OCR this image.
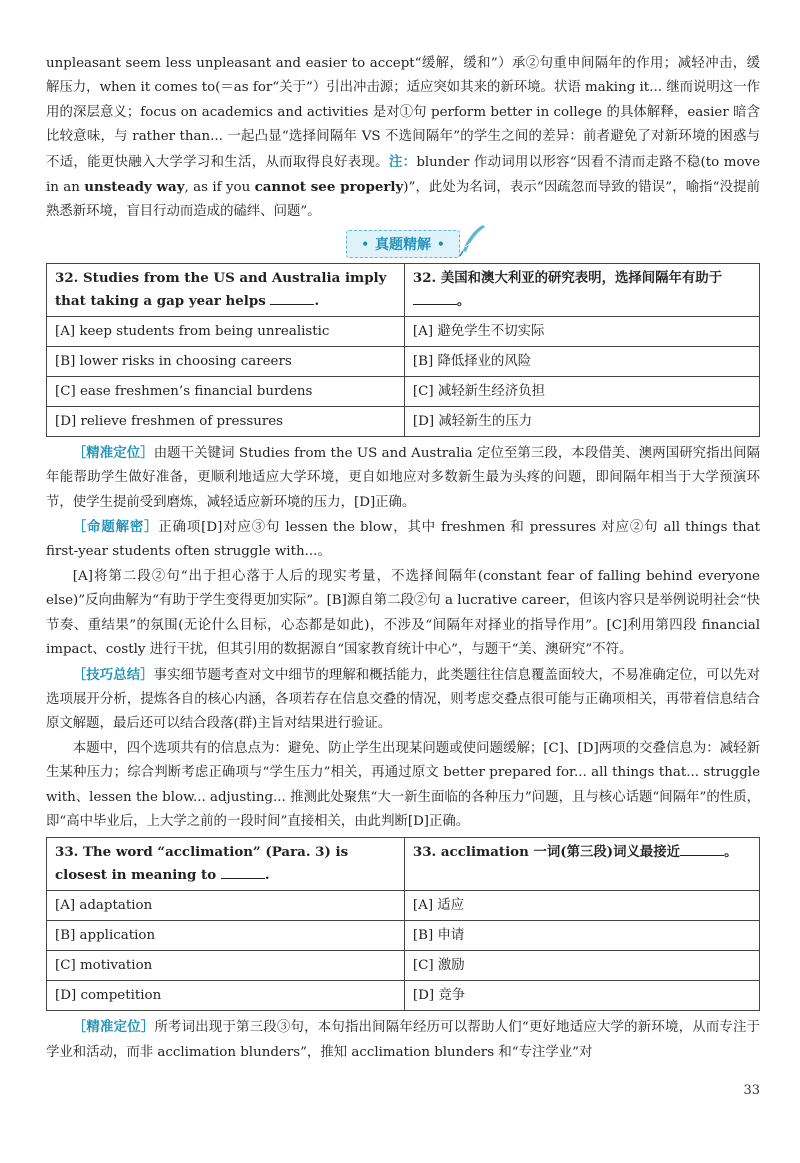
unpleasant seem less unpleasant and easier to accept“缓解，缓和”）承②句重申间隔年的作用；减轻冲击，缓解压力，when it comes to(＝as for“关于”）引出冲击源；适应突如其来的新环境。状语 making it... 继而说明这一作用的深层意义；focus on academics and activities 是对①句 perform better in college 的具体解释，easier 暗含比较意味，与 rather than... 一起凸显“选择间隔年 VS 不选间隔年”的学生之间的差异：前者避免了对新环境的困惑与不适，能更快融入大学学习和生活，从而取得良好表现。注：blunder 作动词用以形容“因看不清而走路不稳(to move in an unsteady way, as if you cannot see properly)”，此处为名词，表示“因疏忽而导致的错误”，喻指“没提前熟悉新环境，盲目行动而造成的磕绊、问题”。

• 真题精解 •
32. Studies from the US and Australia imply that taking a gap year helps .	32. 美国和澳大利亚的研究表明，选择间隔年有助于。
[A] keep students from being unrealistic	[A] 避免学生不切实际
[B] lower risks in choosing careers	[B] 降低择业的风险
[C] ease freshmen’s financial burdens	[C] 减轻新生经济负担
[D] relieve freshmen of pressures	[D] 减轻新生的压力

［精准定位］由题干关键词 Studies from the US and Australia 定位至第三段，本段借美、澳两国研究指出间隔年能帮助学生做好准备，更顺利地适应大学环境，更自如地应对多数新生最为头疼的问题，即间隔年相当于大学预演环节，使学生提前受到磨炼，减轻适应新环境的压力，[D]正确。

［命题解密］正确项[D]对应③句 lessen the blow，其中 freshmen 和 pressures 对应②句 all things that first-year students often struggle with...。

[A]将第二段②句“出于担心落于人后的现实考量，不选择间隔年(constant fear of falling behind everyone else)”反向曲解为“有助于学生变得更加实际”。[B]源自第二段②句 a lucrative career，但该内容只是举例说明社会“快节奏、重结果”的氛围(无论什么目标，心态都是如此)，不涉及“间隔年对择业的指导作用”。[C]利用第四段 financial impact、costly 进行干扰，但其引用的数据源自“国家教育统计中心”，与题干“美、澳研究”不符。

［技巧总结］事实细节题考查对文中细节的理解和概括能力，此类题往往信息覆盖面较大，不易准确定位，可以先对选项展开分析，提炼各自的核心内涵，各项若存在信息交叠的情况，则考虑交叠点很可能与正确项相关，再带着信息结合原文解题，最后还可以结合段落(群)主旨对结果进行验证。

本题中，四个选项共有的信息点为：避免、防止学生出现某问题或使问题缓解；[C]、[D]两项的交叠信息为：减轻新生某种压力；综合判断考虑正确项与“学生压力”相关，再通过原文 better prepared for... all things that... struggle with、lessen the blow... adjusting... 推测此处聚焦“大一新生面临的各种压力”问题，且与核心话题“间隔年”的性质，即“高中毕业后，上大学之前的一段时间”直接相关，由此判断[D]正确。

33. The word “acclimation” (Para. 3) is closest in meaning to .	33. acclimation 一词(第三段)词义最接近 。
[A] adaptation	[A] 适应
[B] application	[B] 申请
[C] motivation	[C] 激励
[D] competition	[D] 竞争

［精准定位］所考词出现于第三段③句，本句指出间隔年经历可以帮助人们“更好地适应大学的新环境，从而专注于学业和活动，而非 acclimation blunders”，推知 acclimation blunders 和“专注学业”对

33
